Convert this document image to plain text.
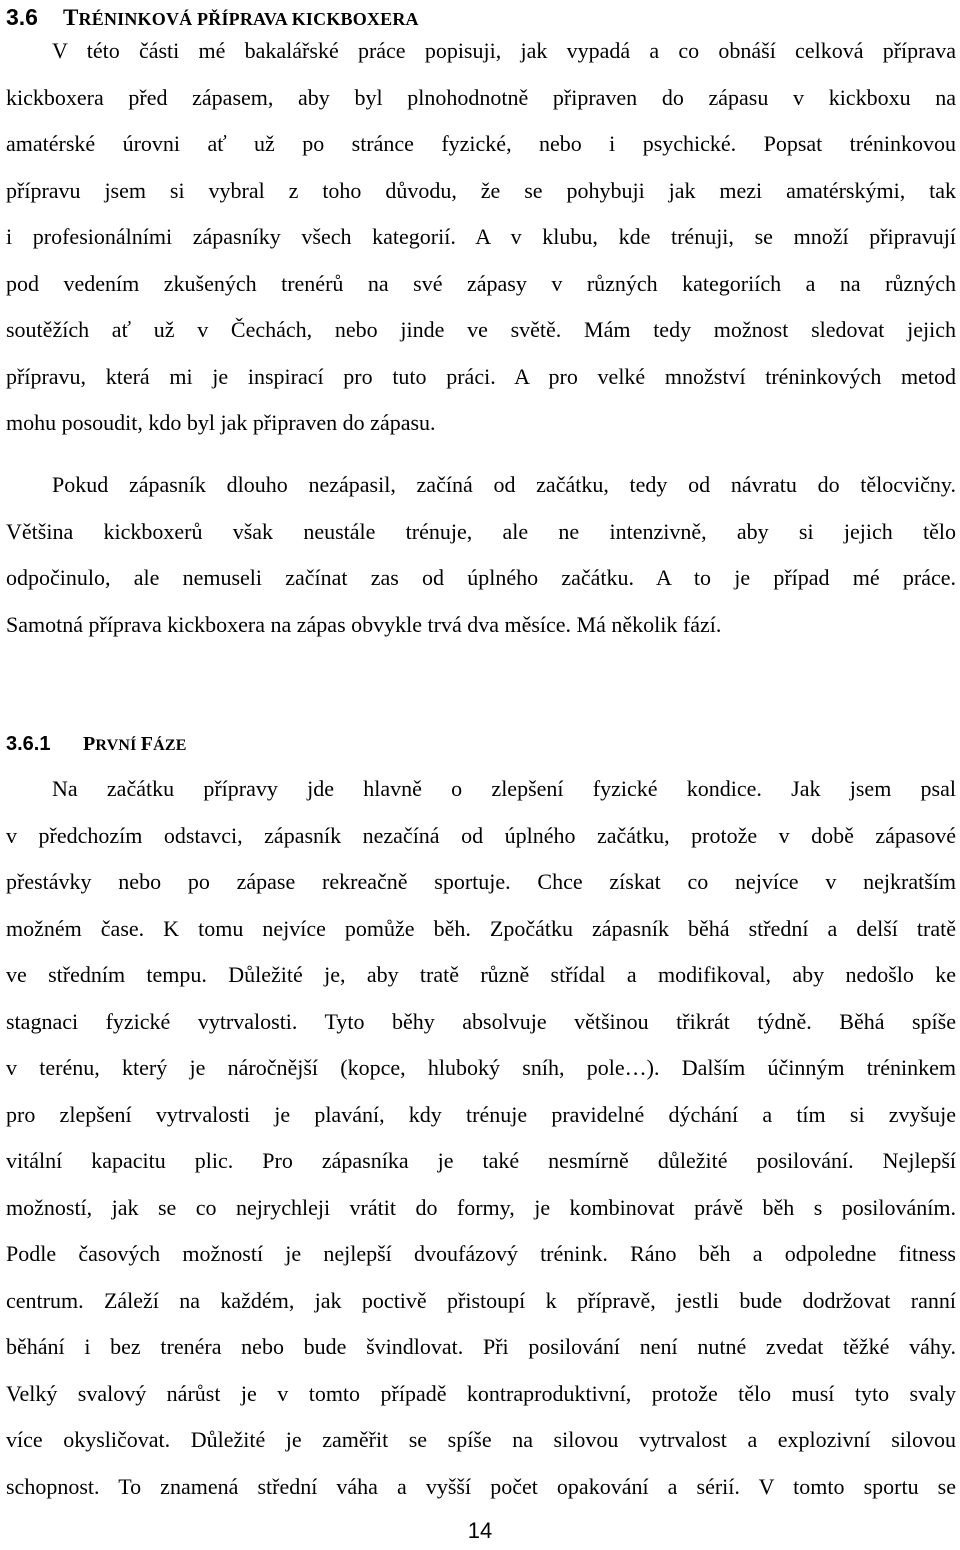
3.6 TRÉNINKOVÁ PŘÍPRAVA KICKBOXERA
V této části mé bakalářské práce popisuji, jak vypadá a co obnáší celková příprava
kickboxera před zápasem, aby byl plnohodnotně připraven do zápasu v kickboxu na
amatérské úrovni ať už po stránce fyzické, nebo i psychické. Popsat tréninkovou
přípravu jsem si vybral z toho důvodu, že se pohybuji jak mezi amatérskými, tak
i profesionálními zápasníky všech kategorií. A v klubu, kde trénuji, se množí připravují
pod vedením zkušených trenérů na své zápasy v různých kategoriích a na různých
soutěžích ať už v Čechách, nebo jinde ve světě. Mám tedy možnost sledovat jejich
přípravu, která mi je inspirací pro tuto práci. A pro velké množství tréninkových metod
mohu posoudit, kdo byl jak připraven do zápasu.
Pokud zápasník dlouho nezápasil, začíná od začátku, tedy od návratu do tělocvičny.
Většina kickboxerů však neustále trénuje, ale ne intenzivně, aby si jejich tělo
odpočinulo, ale nemuseli začínat zas od úplného začátku. A to je případ mé práce.
Samotná příprava kickboxera na zápas obvykle trvá dva měsíce. Má několik fází.
3.6.1 PRVNÍ FÁZE
Na začátku přípravy jde hlavně o zlepšení fyzické kondice. Jak jsem psal
v předchozím odstavci, zápasník nezačíná od úplného začátku, protože v době zápasové
přestávky nebo po zápase rekreačně sportuje. Chce získat co nejvíce v nejkratším
možném čase. K tomu nejvíce pomůže běh. Zpočátku zápasník běhá střední a delší tratě
ve středním tempu. Důležité je, aby tratě různě střídal a modifikoval, aby nedošlo ke
stagnaci fyzické vytrvalosti. Tyto běhy absolvuje většinou třikrát týdně. Běhá spíše
v terénu, který je náročnější (kopce, hluboký sníh, pole…). Dalším účinným tréninkem
pro zlepšení vytrvalosti je plavání, kdy trénuje pravidelné dýchání a tím si zvyšuje
vitální kapacitu plic. Pro zápasníka je také nesmírně důležité posilování. Nejlepší
možností, jak se co nejrychleji vrátit do formy, je kombinovat právě běh s posilováním.
Podle časových možností je nejlepší dvoufázový trénink. Ráno běh a odpoledne fitness
centrum. Záleží na každém, jak poctivě přistoupí k přípravě, jestli bude dodržovat ranní
běhání i bez trenéra nebo bude švindlovat. Při posilování není nutné zvedat těžké váhy.
Velký svalový nárůst je v tomto případě kontraproduktivní, protože tělo musí tyto svaly
více okysličovat. Důležité je zaměřit se spíše na silovou vytrvalost a explozivní silovou
schopnost. To znamená střední váha a vyšší počet opakování a sérií. V tomto sportu se
14
